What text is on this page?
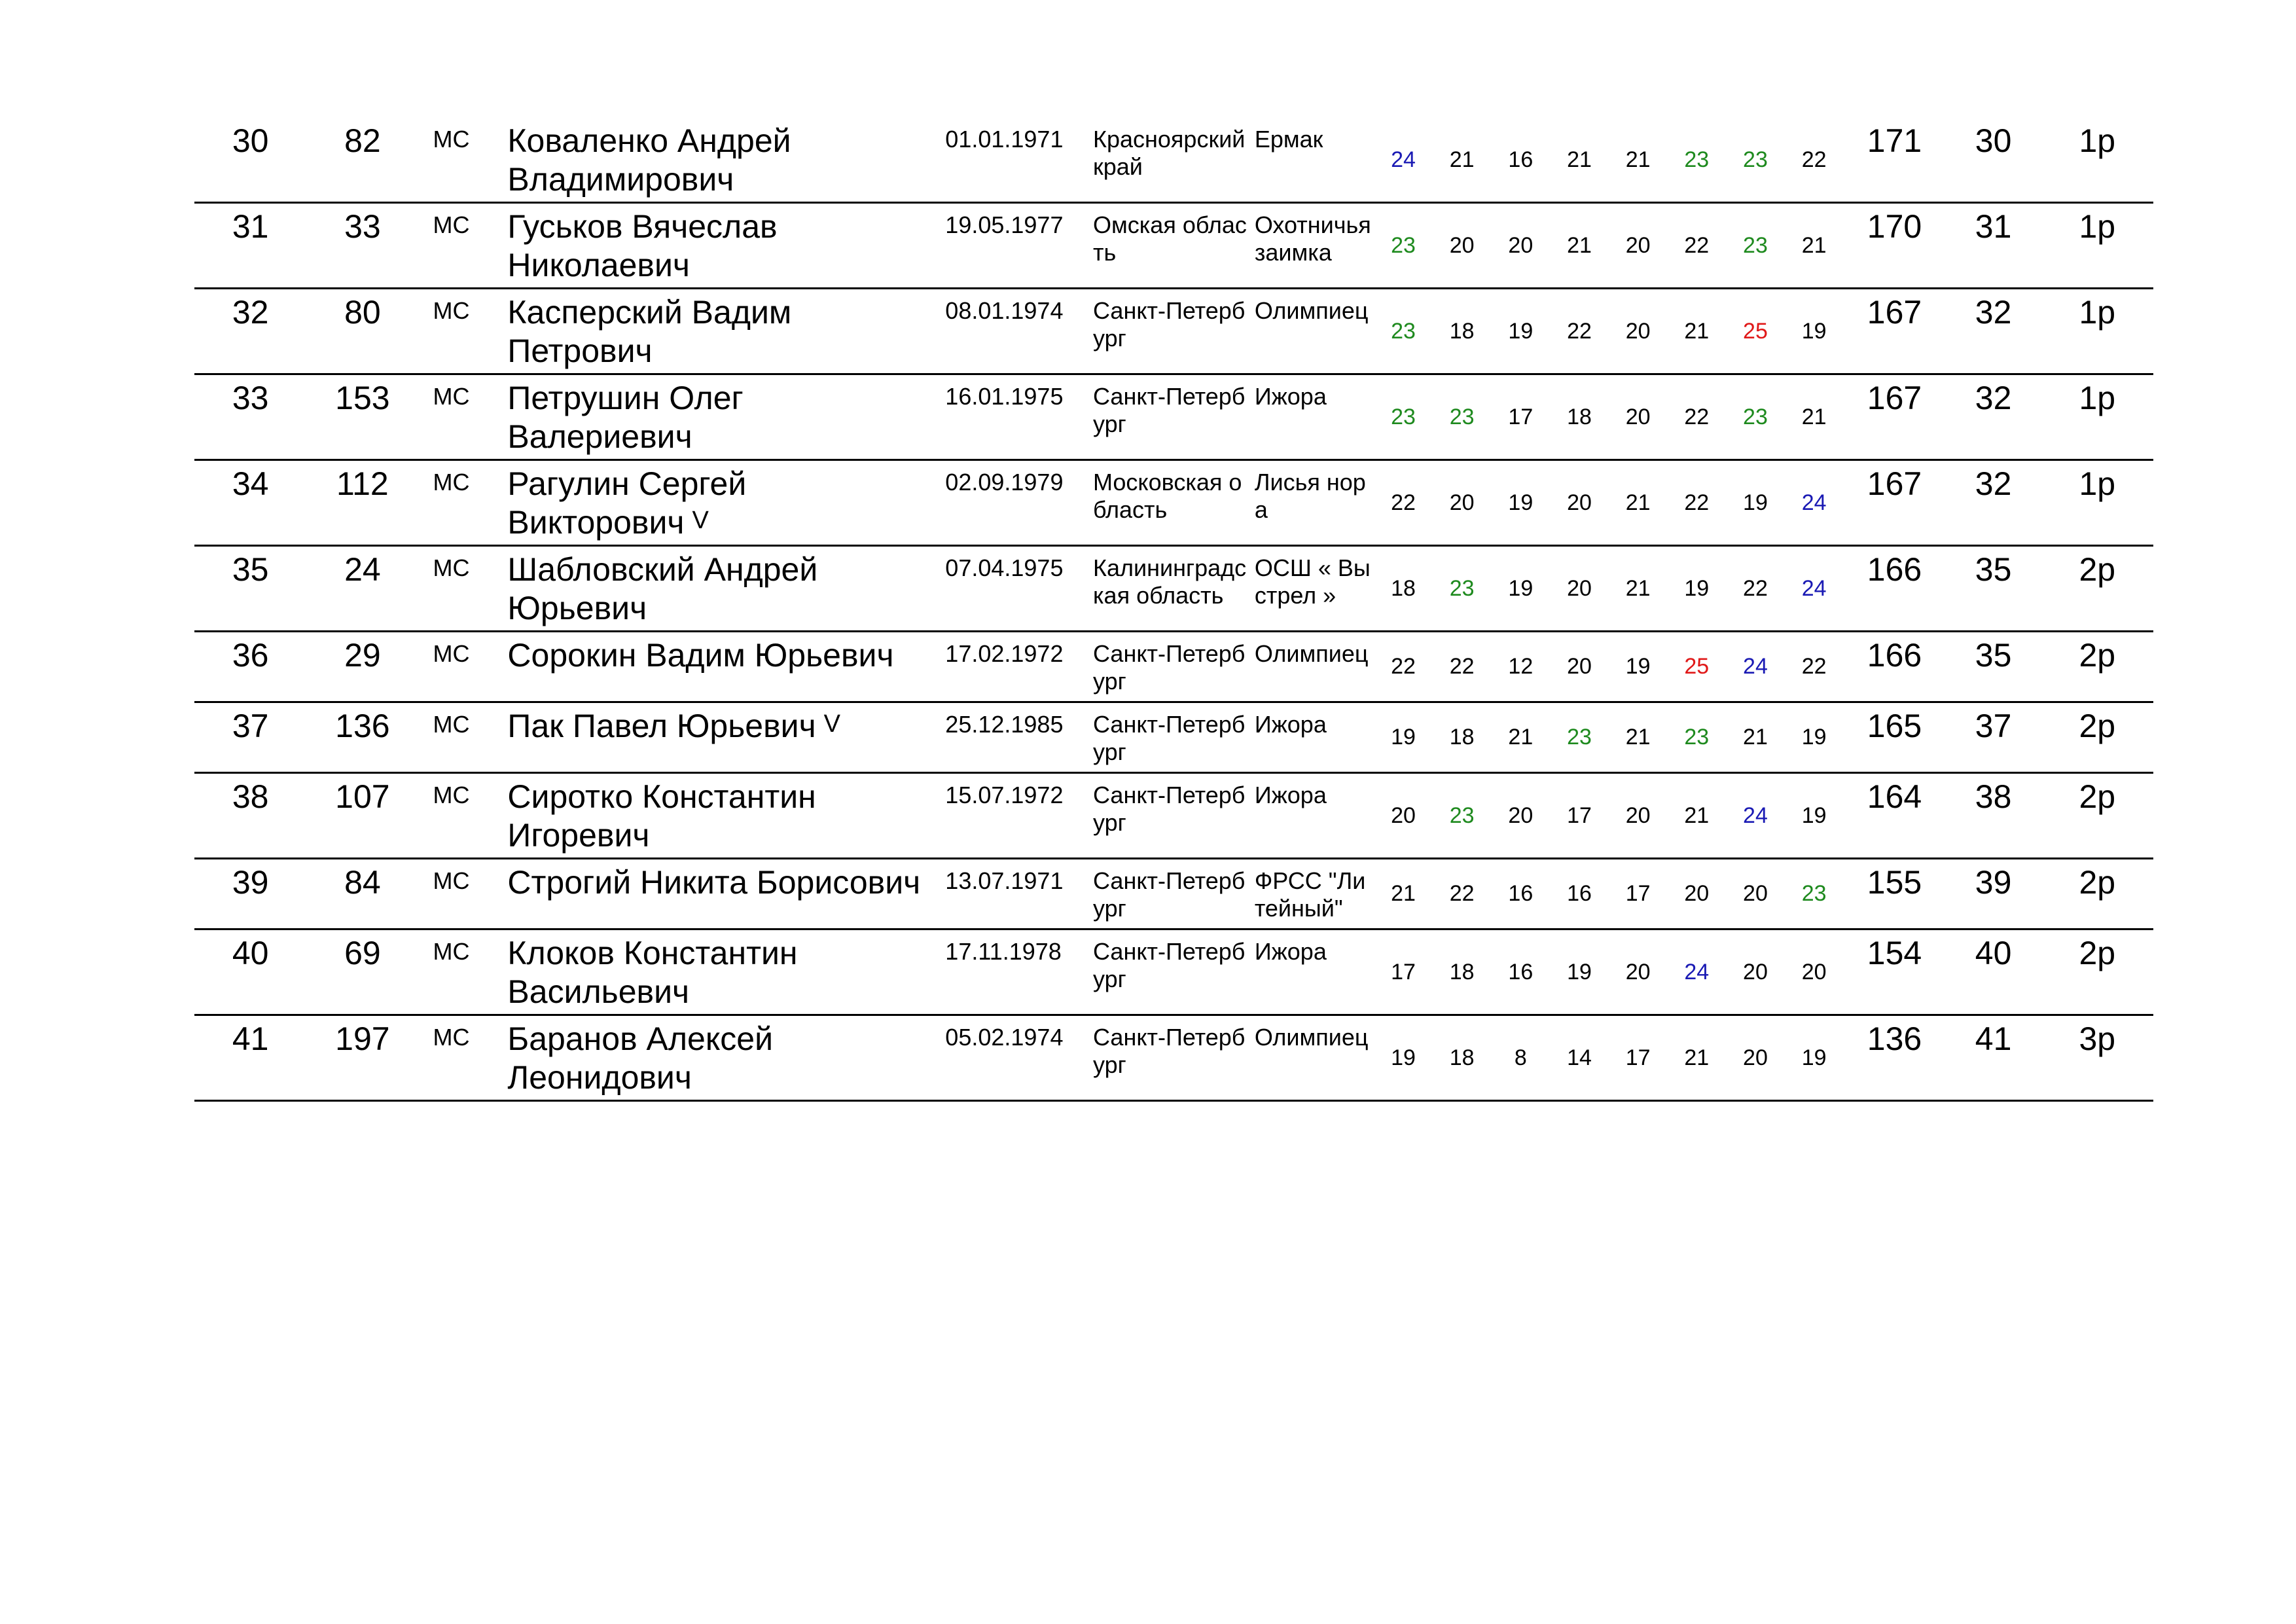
30	82	МС	Коваленко Андрей Владимирович	01.01.1971	Красноярский край	Ермак	24	21	16	21	21	23	23	22	171	30	1р
31	33	МС	Гуськов Вячеслав Николаевич	19.05.1977	Омская область	Охотничья заимка	23	20	20	21	20	22	23	21	170	31	1р
32	80	МС	Касперский Вадим Петрович	08.01.1974	Санкт-Петербург	Олимпиец	23	18	19	22	20	21	25	19	167	32	1р
33	153	МС	Петрушин Олег Валериевич	16.01.1975	Санкт-Петербург	Ижора	23	23	17	18	20	22	23	21	167	32	1р
34	112	МС	Рагулин Сергей Викторович V	02.09.1979	Московская область	Лисья нора	22	20	19	20	21	22	19	24	167	32	1р
35	24	МС	Шабловский Андрей Юрьевич	07.04.1975	Калининградская область	ОСШ « Выстрел »	18	23	19	20	21	19	22	24	166	35	2р
36	29	МС	Сорокин Вадим Юрьевич	17.02.1972	Санкт-Петербург	Олимпиец	22	22	12	20	19	25	24	22	166	35	2р
37	136	МС	Пак Павел Юрьевич V	25.12.1985	Санкт-Петербург	Ижора	19	18	21	23	21	23	21	19	165	37	2р
38	107	МС	Сиротко Константин Игоревич	15.07.1972	Санкт-Петербург	Ижора	20	23	20	17	20	21	24	19	164	38	2р
39	84	МС	Строгий Никита Борисович	13.07.1971	Санкт-Петербург	ФРСС "Литейный"	21	22	16	16	17	20	20	23	155	39	2р
40	69	МС	Клоков Константин Васильевич	17.11.1978	Санкт-Петербург	Ижора	17	18	16	19	20	24	20	20	154	40	2р
41	197	МС	Баранов Алексей Леонидович	05.02.1974	Санкт-Петербург	Олимпиец	19	18	8	14	17	21	20	19	136	41	3р
